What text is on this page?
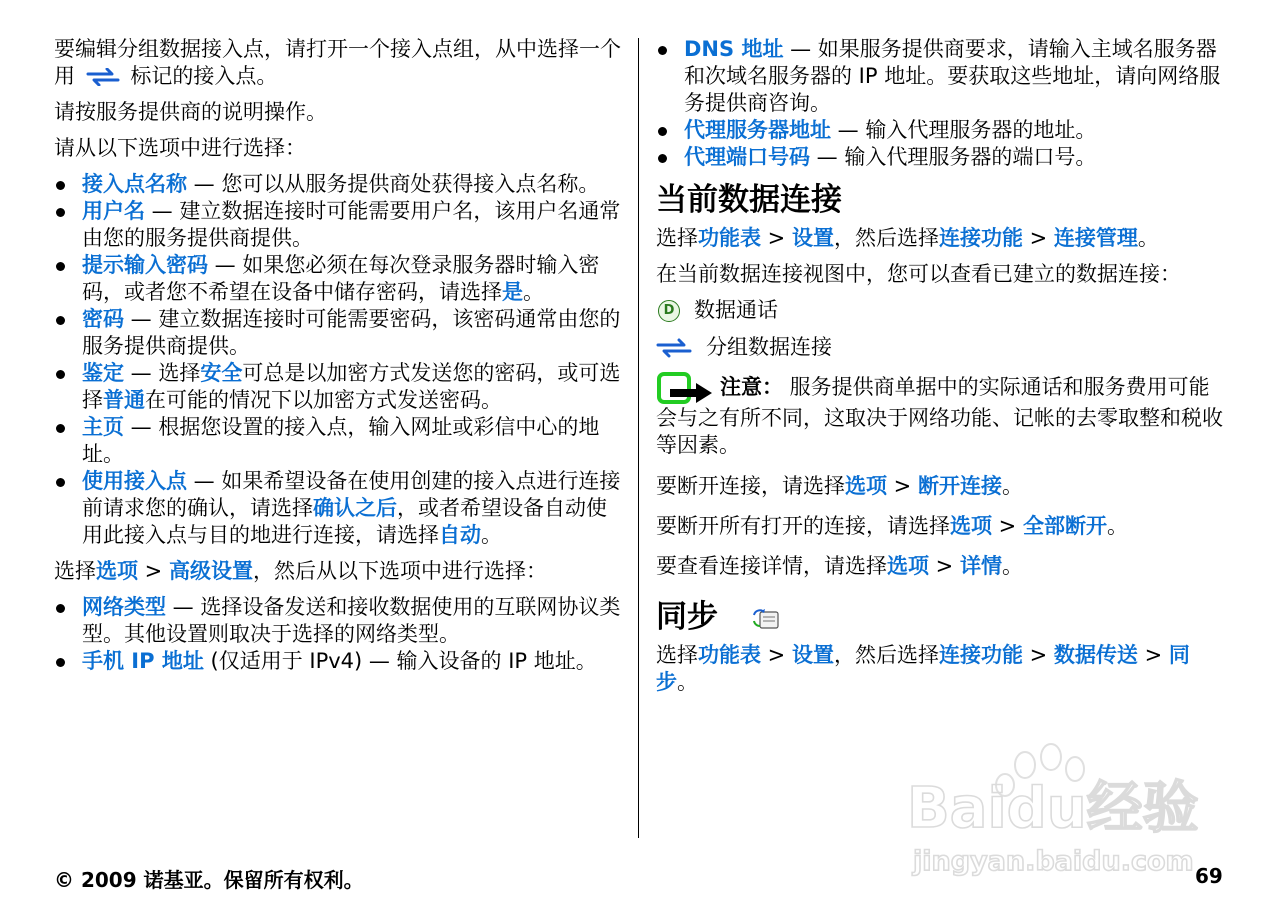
要编辑分组数据接入点，请打开一个接入点组，从中选择一个用	标记的接入点。

请按服务提供商的说明操作。

请从以下选项中进行选择：

接入点名称 — 您可以从服务提供商处获得接入点名称。
用户名 — 建立数据连接时可能需要用户名，该用户名通常由您的服务提供商提供。
提示输入密码 — 如果您必须在每次登录服务器时输入密码，或者您不希望在设备中储存密码，请选择是。
密码 — 建立数据连接时可能需要密码，该密码通常由您的服务提供商提供。
鉴定 — 选择安全可总是以加密方式发送您的密码，或可选择普通在可能的情况下以加密方式发送密码。
主页 — 根据您设置的接入点，输入网址或彩信中心的地址。
使用接入点 — 如果希望设备在使用创建的接入点进行连接前请求您的确认，请选择确认之后，或者希望设备自动使用此接入点与目的地进行连接，请选择自动。

选择选项 > 高级设置，然后从以下选项中进行选择：

网络类型 — 选择设备发送和接收数据使用的互联网协议类型。其他设置则取决于选择的网络类型。
手机 IP 地址 (仅适用于 IPv4) — 输入设备的 IP 地址。
DNS 地址 — 如果服务提供商要求，请输入主域名服务器和次域名服务器的 IP 地址。要获取这些地址，请向网络服务提供商咨询。
代理服务器地址 — 输入代理服务器的地址。
代理端口号码 — 输入代理服务器的端口号。
当前数据连接

选择功能表 > 设置，然后选择连接功能 > 连接管理。

在当前数据连接视图中，您可以查看已建立的数据连接：

D 数据通话
分组数据连接

注意： 服务提供商单据中的实际通话和服务费用可能会与之有所不同，这取决于网络功能、记帐的去零取整和税收等因素。

要断开连接，请选择选项 > 断开连接。

要断开所有打开的连接，请选择选项 > 全部断开。

要查看连接详情，请选择选项 > 详情。

同步

选择功能表 > 设置，然后选择连接功能 > 数据传送 > 同步。

Baidu经验
jingyan.baidu.com
© 2009 诺基亚。保留所有权利。	69
